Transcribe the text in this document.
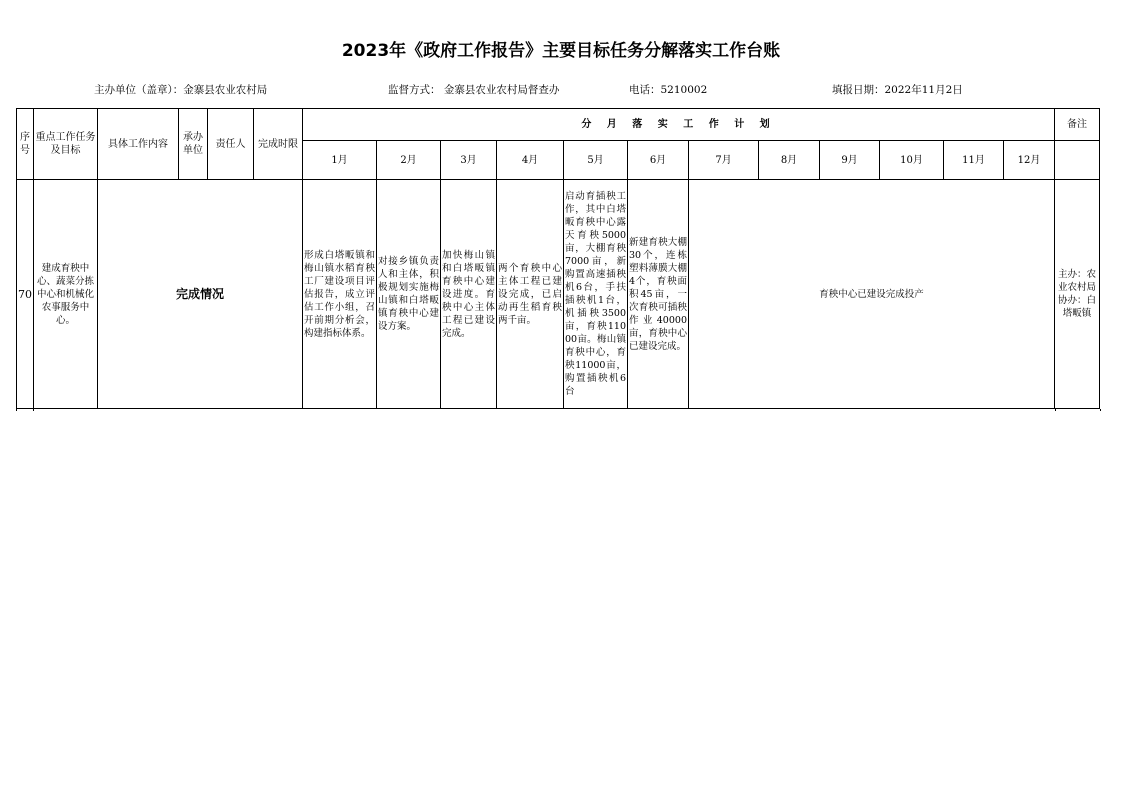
2023年《政府工作报告》主要目标任务分解落实工作台账
主办单位（盖章）：金寨县农业农村局	监督方式： 金寨县农业农村局督查办	电话：5210002	填报日期：2022年11月2日
序号	重点工作任务及目标	具体工作内容	承办单位	责任人	完成时限	分 月 落 实 工 作 计 划												备注
						1月	2月	3月	4月	5月	6月	7月	8月	9月	10月	11月	12月	
70	建成育秧中心、蔬菜分拣中心和机械化农事服务中心。	完成情况				形成白塔畈镇和梅山镇水稻育秧工厂建设项目评估报告，成立评估工作小组，召开前期分析会，构建指标体系。	对接乡镇负责人和主体，积极规划实施梅山镇和白塔畈镇育秧中心建设方案。	加快梅山镇和白塔畈镇育秧中心建设进度。育秧中心主体工程已建设完成。	两个育秧中心主体工程已建设完成，已启动再生稻育秧两千亩。	启动育插秧工作，其中白塔畈育秧中心露天育秧5000亩，大棚育秧7000亩，新购置高速插秧机6台，手扶插秧机1台，机插秧3500亩，育秧11000亩。梅山镇育秧中心，育秧11000亩，购置插秧机6台	新建育秧大棚30个，连栋塑料薄膜大棚4个，育秧面积45亩，一次育秧可插秧作业40000亩，育秧中心已建设完成。	育秧中心已建设完成投产						主办：农业农村局协办：白塔畈镇
